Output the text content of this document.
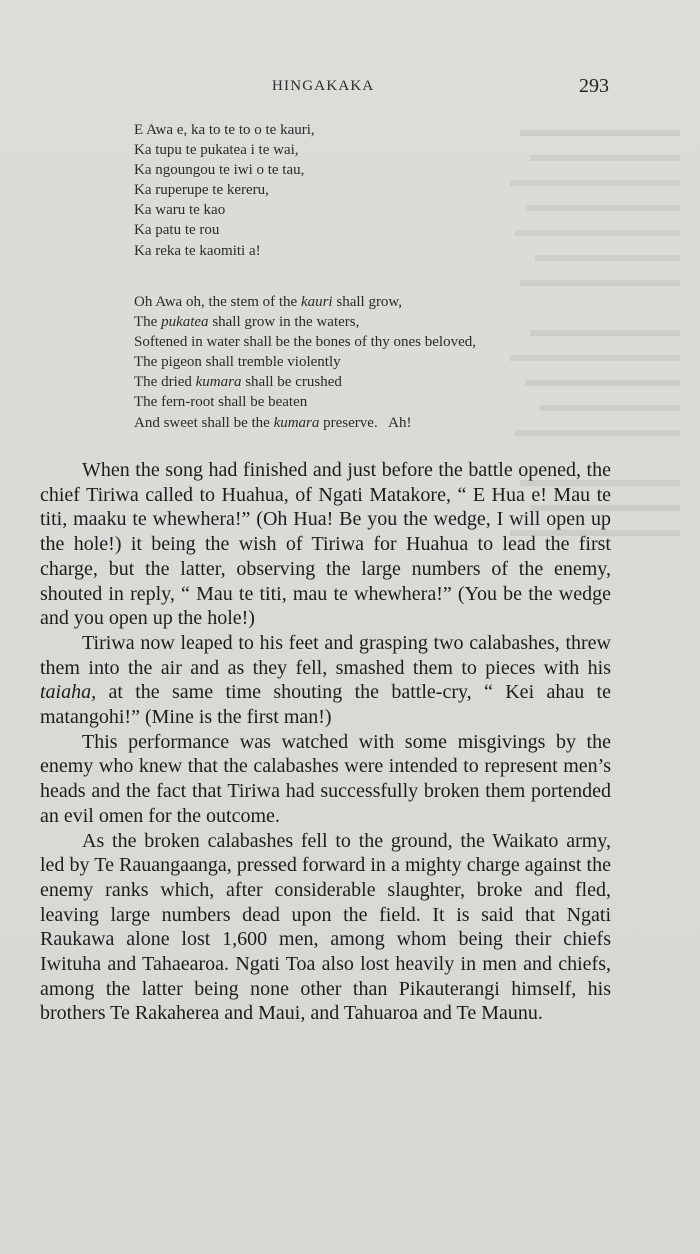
HINGAKAKA	293
E Awa e, ka to te to o te kauri,
Ka tupu te pukatea i te wai,
Ka ngoungou te iwi o te tau,
Ka ruperupe te kereru,
Ka waru te kao
Ka patu te rou
Ka reka te kaomiti a!
Oh Awa oh, the stem of the kauri shall grow,
The pukatea shall grow in the waters,
Softened in water shall be the bones of thy ones beloved,
The pigeon shall tremble violently
The dried kumara shall be crushed
The fern-root shall be beaten
And sweet shall be the kumara preserve.   Ah!

When the song had finished and just before the battle opened, the chief Tiriwa called to Huahua, of Ngati Matakore, “ E Hua e! Mau te titi, maaku te whewhera!” (Oh Hua! Be you the wedge, I will open up the hole!) it being the wish of Tiriwa for Huahua to lead the first charge, but the latter, observing the large numbers of the enemy, shouted in reply, “ Mau te titi, mau te whewhera!” (You be the wedge and you open up the hole!)

Tiriwa now leaped to his feet and grasping two calabashes, threw them into the air and as they fell, smashed them to pieces with his taiaha, at the same time shouting the battle-cry, “ Kei ahau te matangohi!” (Mine is the first man!)

This performance was watched with some misgivings by the enemy who knew that the calabashes were intended to represent men’s heads and the fact that Tiriwa had successfully broken them portended an evil omen for the outcome.

As the broken calabashes fell to the ground, the Waikato army, led by Te Rauangaanga, pressed forward in a mighty charge against the enemy ranks which, after considerable slaughter, broke and fled, leaving large numbers dead upon the field. It is said that Ngati Raukawa alone lost 1,600 men, among whom being their chiefs Iwituha and Tahaearoa. Ngati Toa also lost heavily in men and chiefs, among the latter being none other than Pikauterangi himself, his brothers Te Rakaherea and Maui, and Tahuaroa and Te Maunu.
